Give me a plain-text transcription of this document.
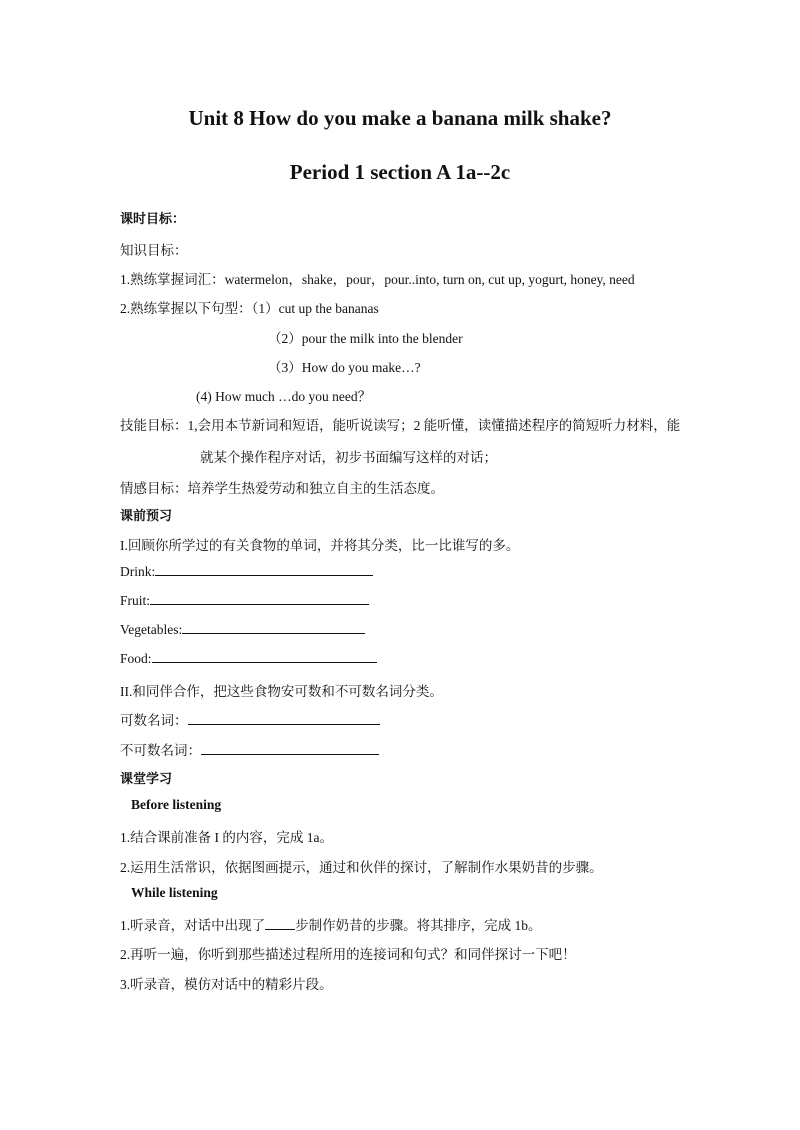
Unit 8 How do you make a banana milk shake?
Period 1 section A 1a--2c
课时目标：
知识目标：
1.熟练掌握词汇：watermelon，shake，pour，pour..into, turn on, cut up, yogurt, honey, need
2.熟练掌握以下句型：（1）cut up the bananas
（2）pour the milk into the blender
（3）How do you make…?
(4) How much …do you need？
技能目标：1,会用本节新词和短语，能听说读写；2 能听懂，读懂描述程序的简短听力材料，能
就某个操作程序对话，初步书面编写这样的对话；
情感目标：培养学生热爱劳动和独立自主的生活态度。
课前预习
I.回顾你所学过的有关食物的单词，并将其分类，比一比谁写的多。
Drink:
Fruit:
Vegetables:
Food:
II.和同伴合作，把这些食物安可数和不可数名词分类。
可数名词：
不可数名词：
课堂学习
Before listening
1.结合课前准备 I 的内容，完成 1a。
2.运用生活常识，依据图画提示，通过和伙伴的探讨，了解制作水果奶昔的步骤。
While listening
1.听录音，对话中出现了 步制作奶昔的步骤。将其排序，完成 1b。
2.再听一遍，你听到那些描述过程所用的连接词和句式？和同伴探讨一下吧！
3.听录音，模仿对话中的精彩片段。
